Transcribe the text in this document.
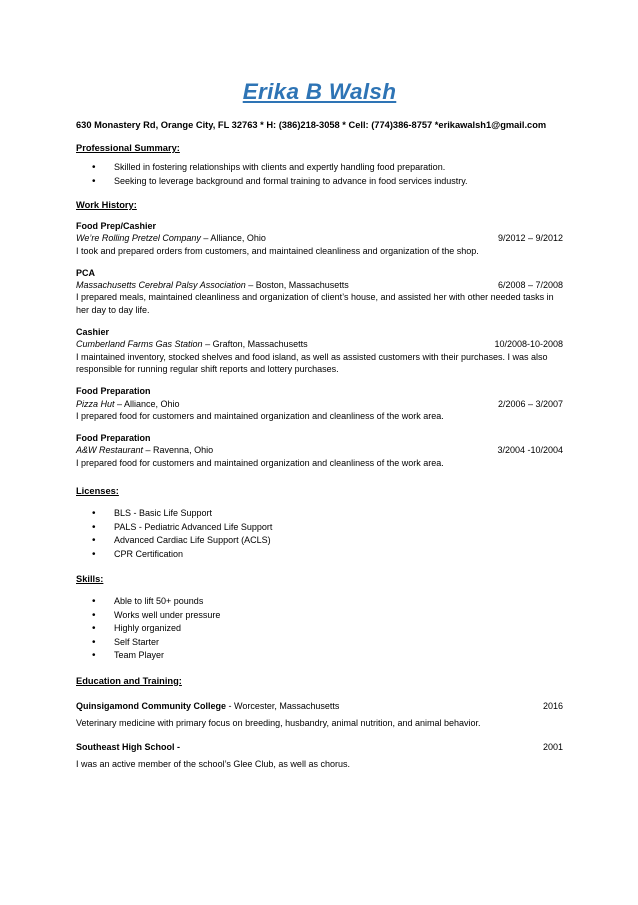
Erika B Walsh
630 Monastery Rd, Orange City, FL 32763 * H: (386)218-3058 * Cell: (774)386-8757 *erikawalsh1@gmail.com
Professional Summary:
• Skilled in fostering relationships with clients and expertly handling food preparation.
• Seeking to leverage background and formal training to advance in food services industry.
Work History:
Food Prep/Cashier
We’re Rolling Pretzel Company – Alliance, Ohio	9/2012 – 9/2012
I took and prepared orders from customers, and maintained cleanliness and organization of the shop.
PCA
Massachusetts Cerebral Palsy Association – Boston, Massachusetts	6/2008 – 7/2008
I prepared meals, maintained cleanliness and organization of client’s house, and assisted her with other needed tasks in her day to day life.
Cashier
Cumberland Farms Gas Station – Grafton, Massachusetts	10/2008-10-2008
I maintained inventory, stocked shelves and food island, as well as assisted customers with their purchases. I was also responsible for running regular shift reports and lottery purchases.
Food Preparation
Pizza Hut – Alliance, Ohio	2/2006 – 3/2007
I prepared food for customers and maintained organization and cleanliness of the work area.
Food Preparation
A&W Restaurant – Ravenna, Ohio	3/2004 -10/2004
I prepared food for customers and maintained organization and cleanliness of the work area.
Licenses:
• BLS - Basic Life Support
• PALS - Pediatric Advanced Life Support
• Advanced Cardiac Life Support (ACLS)
• CPR Certification
Skills:
• Able to lift 50+ pounds
• Works well under pressure
• Highly organized
• Self Starter
• Team Player
Education and Training:
Quinsigamond Community College - Worcester, Massachusetts	2016
Veterinary medicine with primary focus on breeding, husbandry, animal nutrition, and animal behavior.
Southeast High School -	2001
I was an active member of the school’s Glee Club, as well as chorus.
